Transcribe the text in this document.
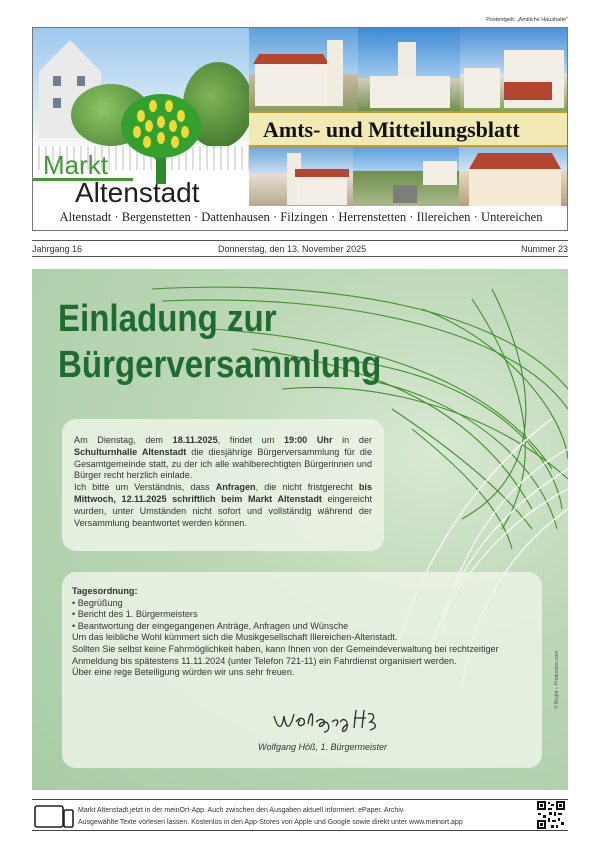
Postentgelt: „Amtliche Haushalte"
Markt
Altenstadt
Amts- und Mitteilungsblatt
Altenstadt · Bergenstetten · Dattenhausen · Filzingen · Herrenstetten · Illereichen · Untereichen
Jahrgang 16	Donnerstag, den 13. November 2025	Nummer 23
Einladung zur
Bürgerversammlung

Am Dienstag, dem 18.11.2025, findet um 19:00 Uhr in der Schulturnhalle Altenstadt die diesjährige Bürgerversammlung für die Gesamtgemeinde statt, zu der ich alle wahlberechtigten Bürgerinnen und Bürger recht herzlich einlade.

Ich bitte um Verständnis, dass Anfragen, die nicht fristgerecht bis Mittwoch, 12.11.2025 schriftlich beim Markt Altenstadt eingereicht wurden, unter Umständen nicht sofort und vollständig während der Versammlung beantwortet werden können.

Tagesordnung:
• Begrüßung
• Bericht des 1. Bürgermeisters
• Beantwortung der eingegangenen Anträge, Anfragen und Wünsche
Um das leibliche Wohl kümmert sich die Musikgesellschaft Illereichen-Altenstadt.
Sollten Sie selbst keine Fahrmöglichkeit haben, kann Ihnen von der Gemeindeverwaltung bei rechtzeitiger Anmeldung bis spätestens 11.11.2024 (unter Telefon 721-11) ein Fahrdienst organisiert werden.
Über eine rege Beteiligung würden wir uns sehr freuen.
Wolfgang Höß, 1. Bürgermeister
© Bright – Production.com
Markt Altenstadt jetzt in der meinOrt-App. Auch zwischen den Ausgaben aktuell informiert. ePaper. Archiv.
Ausgewählte Texte vorlesen lassen. Kostenlos in den App-Stores von Apple und Google sowie direkt unter www.meinort.app
